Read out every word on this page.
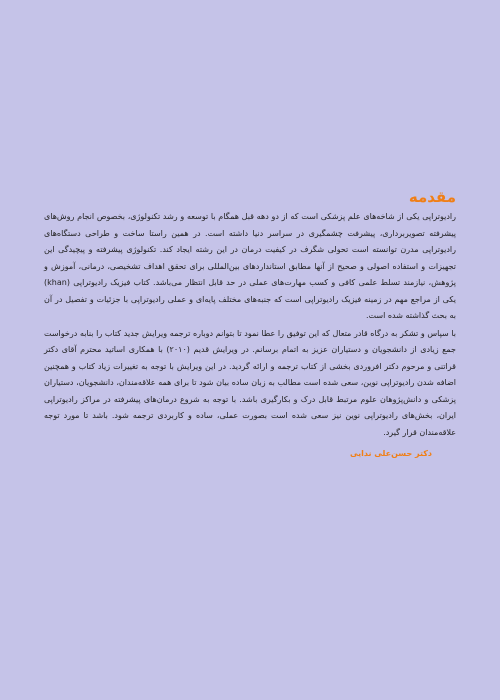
مقدمه

رادیوتراپی یکی از شاخه‌های علم پزشکی است که از دو دهه قبل همگام با توسعه و رشد تکنولوژی، بخصوص انجام روش‌های پیشرفته تصویربرداری، پیشرفت چشمگیری در سراسر دنیا داشته است. در همین راستا ساخت و طراحی دستگاه‌های رادیوتراپی مدرن توانسته است تحولی شگرف در کیفیت درمان در این رشته ایجاد کند. تکنولوژی پیشرفته و پیچیدگی این تجهیزات و استفاده اصولی و صحیح از آنها مطابق استانداردهای بین‌المللی برای تحقق اهداف تشخیصی، درمانی، آموزش و پژوهش، نیازمند تسلط علمی کافی و کسب مهارت‌های عملی در حد قابل انتظار می‌باشد. کتاب فیزیک رادیوتراپی (khan) یکی از مراجع مهم در زمینه فیزیک رادیوتراپی است که جنبه‌های مختلف پایه‌ای و عملی رادیوتراپی با جزئیات و تفصیل در آن به بحث گذاشته شده است.

با سپاس و تشکر به درگاه قادر متعال که این توفیق را عطا نمود تا بتوانم دوباره ترجمه ویرایش جدید کتاب را بنابه درخواست جمع زیادی از دانشجویان و دستیاران عزیز به اتمام برسانم. در ویرایش قدیم (۲۰۱۰) با همکاری اساتید محترم آقای دکتر قراتنی و مرحوم دکتر افروردی بخشی از کتاب ترجمه و ارائه گردید. در این ویرایش با توجه به تغییرات زیاد کتاب و همچنین اضافه شدن رادیوتراپی نوین، سعی شده است مطالب به زبان ساده بیان شود تا برای همه علاقه‌مندان، دانشجویان، دستیاران پزشکی و دانش‌پژوهان علوم مرتبط قابل درک و بکارگیری باشد. با توجه به شروع درمان‌های پیشرفته در مراکز رادیوتراپی ایران، بخش‌های رادیوتراپی نوین نیز سعی شده است بصورت عملی، ساده و کاربردی ترجمه شود. باشد تا مورد توجه علاقه‌مندان قرار گیرد.

دکتر حسن‌علی ندایی
